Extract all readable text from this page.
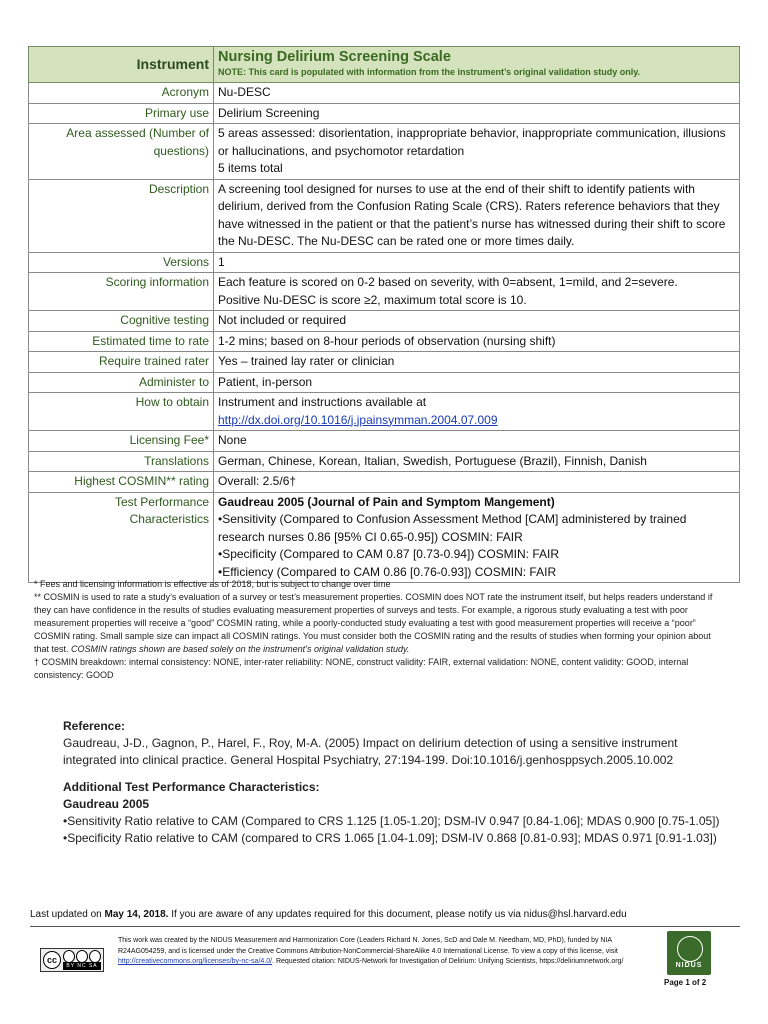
Instrument	Nursing Delirium Screening Scale
NOTE: This card is populated with information from the instrument’s original validation study only.

Acronym	Nu-DESC

Primary use	Delirium Screening

Area assessed (Number of questions)	5 areas assessed: disorientation, inappropriate behavior, inappropriate communication, illusions or hallucinations, and psychomotor retardation
5 items total

Description	A screening tool designed for nurses to use at the end of their shift to identify patients with delirium, derived from the Confusion Rating Scale (CRS). Raters reference behaviors that they have witnessed in the patient or that the patient’s nurse has witnessed during their shift to score the Nu-DESC. The Nu-DESC can be rated one or more times daily.

Versions	1

Scoring information	Each feature is scored on 0-2 based on severity, with 0=absent, 1=mild, and 2=severe.
Positive Nu-DESC is score ≥2, maximum total score is 10.

Cognitive testing	Not included or required

Estimated time to rate	1-2 mins; based on 8-hour periods of observation (nursing shift)

Require trained rater	Yes – trained lay rater or clinician

Administer to	Patient, in-person

How to obtain	Instrument and instructions available at
http://dx.doi.org/10.1016/j.jpainsymman.2004.07.009

Licensing Fee*	None

Translations	German, Chinese, Korean, Italian, Swedish, Portuguese (Brazil), Finnish, Danish

Highest COSMIN** rating	Overall: 2.5/6†

Test Performance Characteristics	Gaudreau 2005 (Journal of Pain and Symptom Mangement)
•Sensitivity (Compared to Confusion Assessment Method [CAM] administered by trained research nurses 0.86 [95% CI 0.65-0.95]) COSMIN: FAIR
•Specificity (Compared to CAM 0.87 [0.73-0.94]) COSMIN: FAIR
•Efficiency (Compared to CAM 0.86 [0.76-0.93]) COSMIN: FAIR

* Fees and licensing information is effective as of 2018, but is subject to change over time

** COSMIN is used to rate a study’s evaluation of a survey or test’s measurement properties. COSMIN does NOT rate the instrument itself, but helps readers understand if they can have confidence in the results of studies evaluating measurement properties of surveys and tests. For example, a rigorous study evaluating a test with poor measurement properties will receive a “good” COSMIN rating, while a poorly-conducted study evaluating a test with good measurement properties will receive a “poor” COSMIN rating. Small sample size can impact all COSMIN ratings. You must consider both the COSMIN rating and the results of studies when forming your opinion about that test. COSMIN ratings shown are based solely on the instrument’s original validation study.

† COSMIN breakdown: internal consistency: NONE, inter-rater reliability: NONE, construct validity: FAIR, external validation: NONE, content validity: GOOD, internal consistency: GOOD

Reference:

Gaudreau, J-D., Gagnon, P., Harel, F., Roy, M-A. (2005) Impact on delirium detection of using a sensitive instrument integrated into clinical practice. General Hospital Psychiatry, 27:194-199. Doi:10.1016/j.genhosppsych.2005.10.002

Additional Test Performance Characteristics:

Gaudreau 2005

•Sensitivity Ratio relative to CAM (Compared to CRS 1.125 [1.05-1.20]; DSM-IV 0.947 [0.84-1.06]; MDAS 0.900 [0.75-1.05])

•Specificity Ratio relative to CAM (compared to CRS 1.065 [1.04-1.09]; DSM-IV 0.868 [0.81-0.93]; MDAS 0.971 [0.91-1.03])

Last updated on May 14, 2018. If you are aware of any updates required for this document, please notify us via nidus@hsl.harvard.edu
cc
BY NC SA
This work was created by the NIDUS Measurement and Harmonization Core (Leaders Richard N. Jones, ScD and Dale M. Needham, MD, PhD), funded by NIA R24AG054259, and is licensed under the Creative Commons Attribution-NonCommercial-ShareAlike 4.0 International License. To view a copy of this license, visit http://creativecommons.org/licenses/by-nc-sa/4.0/. Requested citation: NIDUS-Network for Investigation of Delirium: Unifying Scientists, https://deliriumnetwork.org/
NIDUS
Page 1 of 2
